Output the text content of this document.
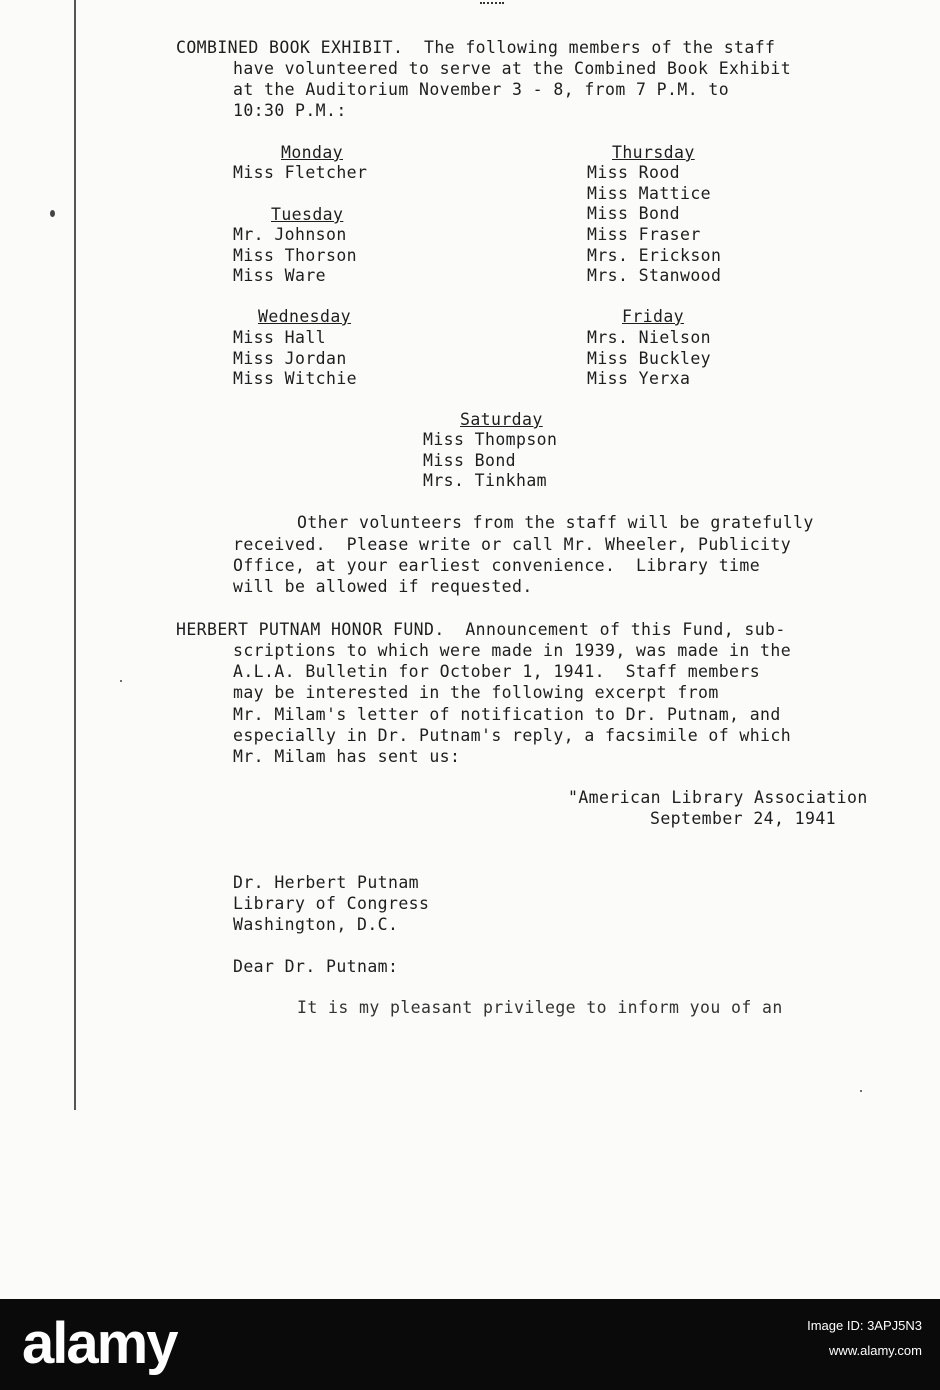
COMBINED BOOK EXHIBIT.  The following members of the staff
have volunteered to serve at the Combined Book Exhibit
at the Auditorium November 3 - 8, from 7 P.M. to
10:30 P.M.:
Monday
Miss Fletcher
Tuesday
Mr. Johnson
Miss Thorson
Miss Ware
Wednesday
Miss Hall
Miss Jordan
Miss Witchie
Thursday
Miss Rood
Miss Mattice
Miss Bond
Miss Fraser
Mrs. Erickson
Mrs. Stanwood
Friday
Mrs. Nielson
Miss Buckley
Miss Yerxa
Saturday
Miss Thompson
Miss Bond
Mrs. Tinkham
Other volunteers from the staff will be gratefully
received.  Please write or call Mr. Wheeler, Publicity
Office, at your earliest convenience.  Library time
will be allowed if requested.
HERBERT PUTNAM HONOR FUND.  Announcement of this Fund, sub-
scriptions to which were made in 1939, was made in the
A.L.A. Bulletin for October 1, 1941.  Staff members
may be interested in the following excerpt from
Mr. Milam's letter of notification to Dr. Putnam, and
especially in Dr. Putnam's reply, a facsimile of which
Mr. Milam has sent us:
"American Library Association
September 24, 1941
Dr. Herbert Putnam
Library of Congress
Washington, D.C.
Dear Dr. Putnam:
It is my pleasant privilege to inform you of an
alamy	Image ID: 3APJ5N3
www.alamy.com
